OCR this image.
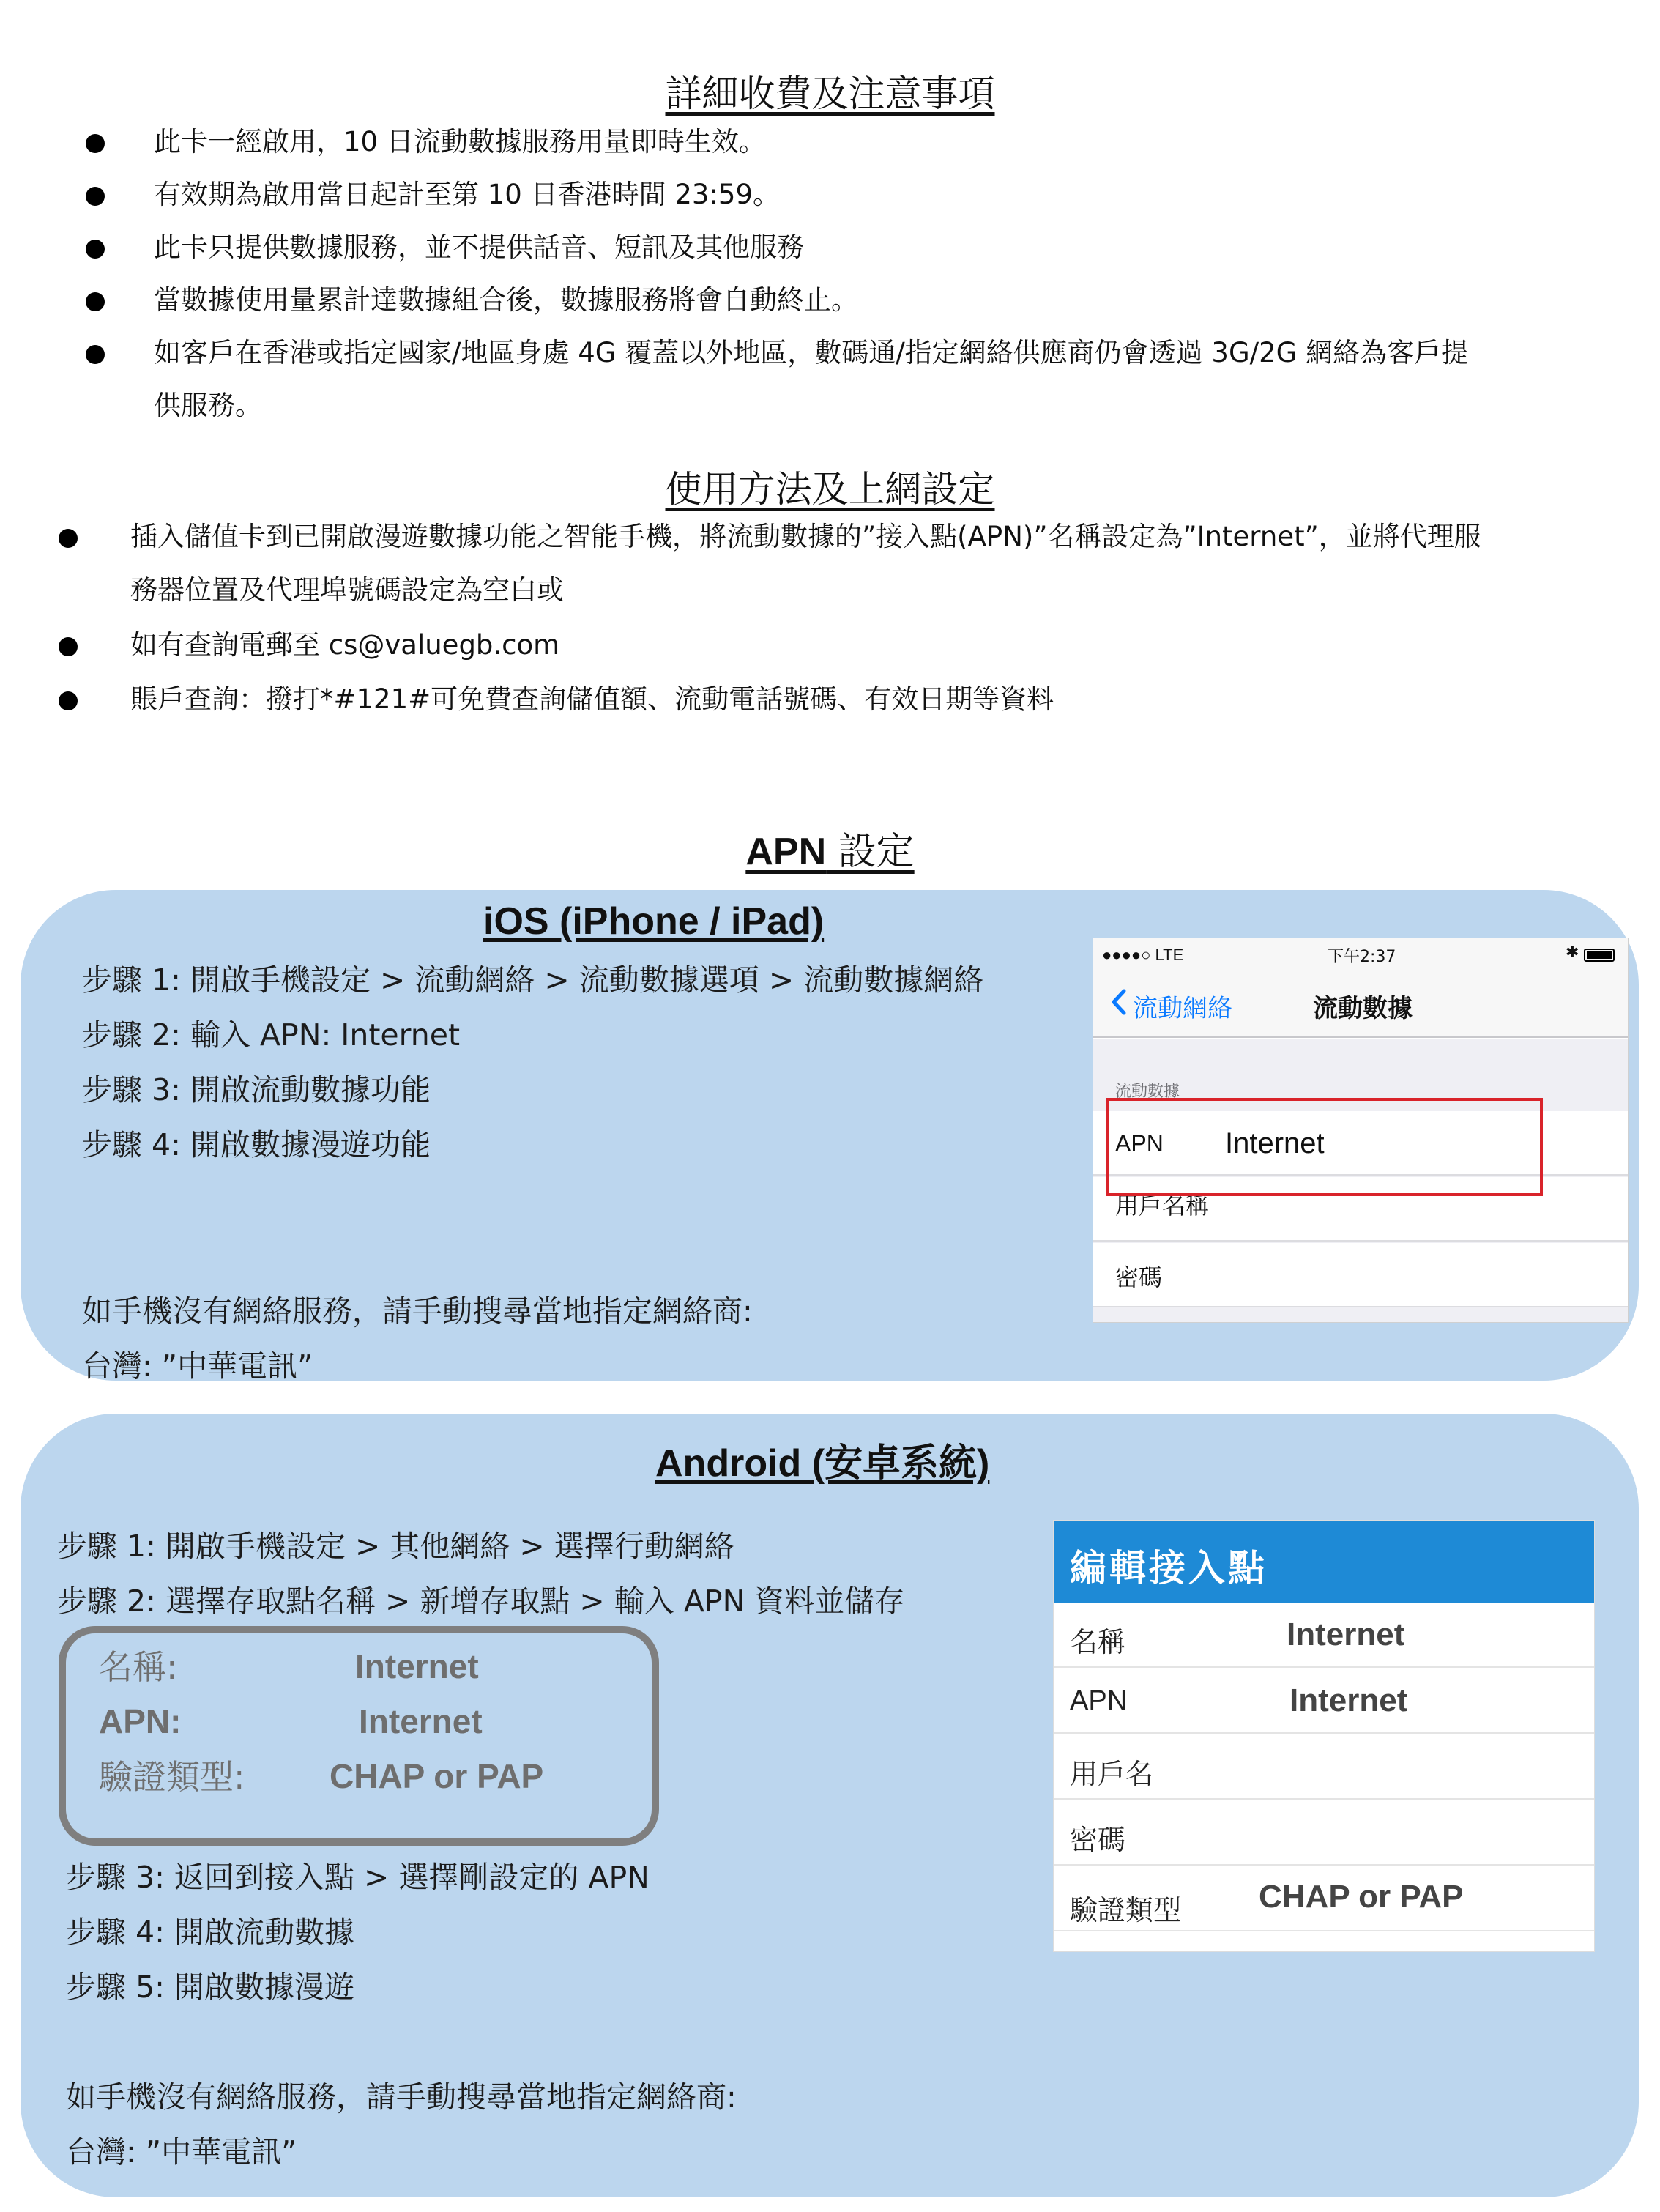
詳細收費及注意事項
此卡一經啟用，10 日流動數據服務用量即時生效。
有效期為啟用當日起計至第 10 日香港時間 23:59。
此卡只提供數據服務，並不提供話音、短訊及其他服務
當數據使用量累計達數據組合後，數據服務將會自動終止。
如客戶在香港或指定國家/地區身處 4G 覆蓋以外地區，數碼通/指定網絡供應商仍會透過 3G/2G 網絡為客戶提
供服務。
使用方法及上網設定
插入儲值卡到已開啟漫遊數據功能之智能手機，將流動數據的”接入點(APN)”名稱設定為”Internet”，並將代理服
務器位置及代理埠號碼設定為空白或
如有查詢電郵至 cs@valuegb.com
賬戶查詢：撥打*#121#可免費查詢儲值額、流動電話號碼、有效日期等資料
APN 設定
iOS (iPhone / iPad)
步驟 1: 開啟手機設定 > 流動網絡 > 流動數據選項 > 流動數據網絡
步驟 2: 輸入 APN: Internet
步驟 3: 開啟流動數據功能
步驟 4: 開啟數據漫遊功能
如手機沒有網絡服務，請手動搜尋當地指定網絡商:
台灣: ”中華電訊”
●●●●○ LTE	下午2:37	✱
流動網絡	流動數據
流動數據
APN Internet
用戶名稱
密碼
Android (安卓系統)
步驟 1: 開啟手機設定 > 其他網絡 > 選擇行動網絡
步驟 2: 選擇存取點名稱 > 新增存取點 > 輸入 APN 資料並儲存
名稱:	Internet
APN:	Internet
驗證類型:	CHAP or PAP
步驟 3: 返回到接入點 > 選擇剛設定的 APN
步驟 4: 開啟流動數據
步驟 5: 開啟數據漫遊
如手機沒有網絡服務，請手動搜尋當地指定網絡商:
台灣: ”中華電訊”
編輯接入點
名稱	Internet
APN	Internet
用戶名
密碼
驗證類型 CHAP or PAP
